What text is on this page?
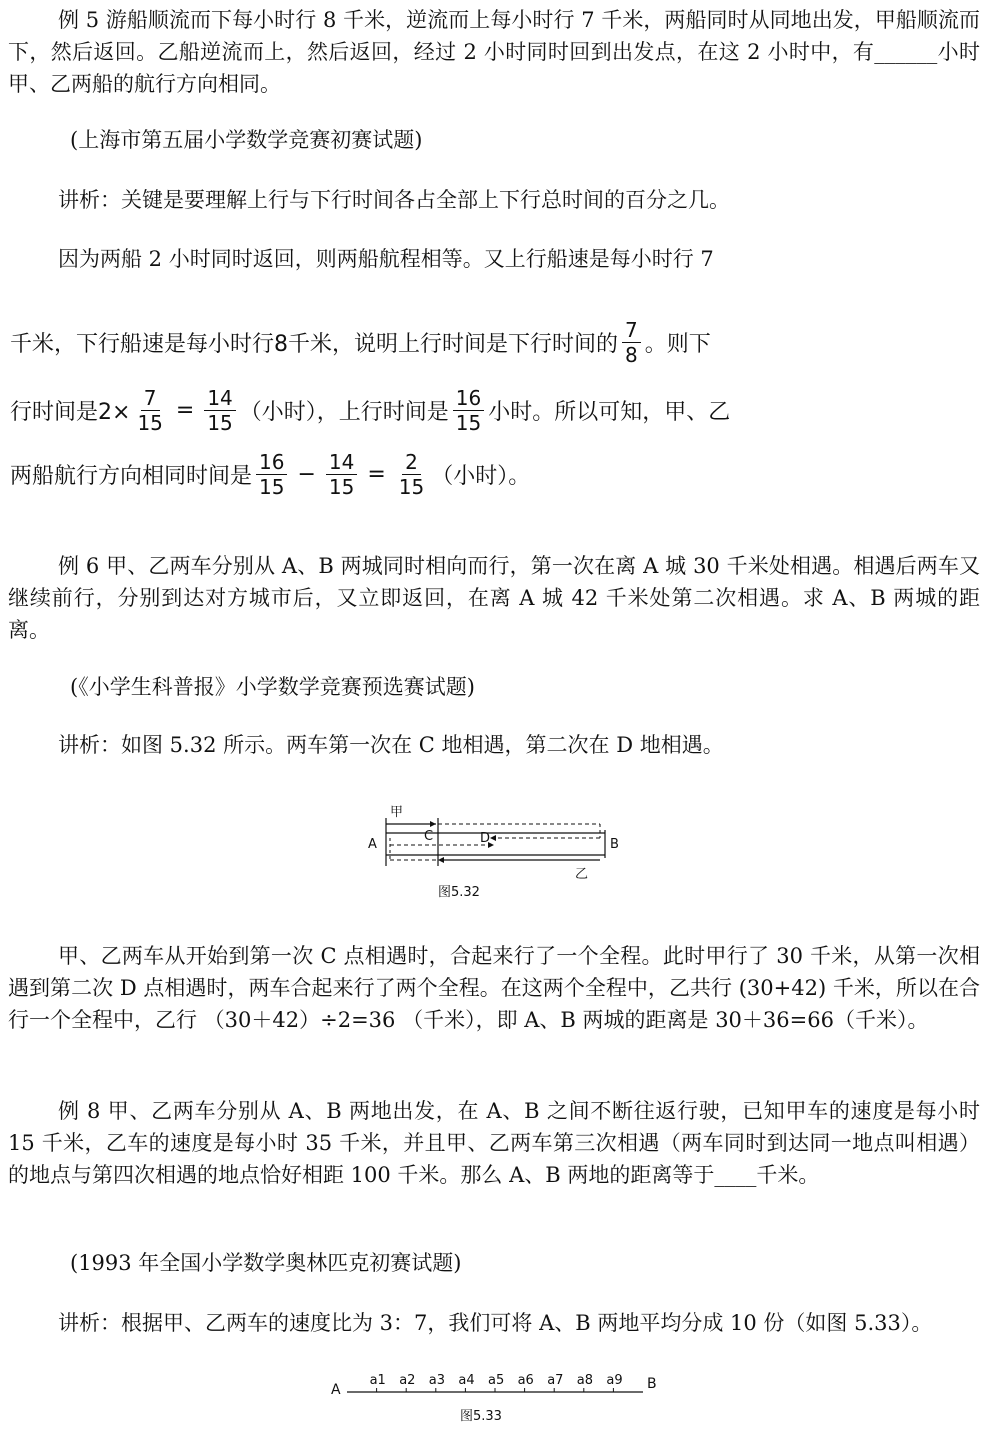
例 5 游船顺流而下每小时行 8 千米，逆流而上每小时行 7 千米，两船同时从同地出发，甲船顺流而下，然后返回。乙船逆流而上，然后返回，经过 2 小时同时回到出发点，在这 2 小时中，有______小时甲、乙两船的航行方向相同。

(上海市第五届小学数学竞赛初赛试题)

讲析：关键是要理解上行与下行时间各占全部上下行总时间的百分之几。

因为两船 2 小时同时返回，则两船航程相等。又上行船速是每小时行 7

千米，下行船速是每小时行8千米，说明上行时间是下行时间的 $\frac{7}{8}$ 。则下
行时间是$2\times \frac{7}{15} = \frac{14}{15}$ （小时），上行时间是 $\frac{16}{15}$ 小时。所以可知，甲、乙
两船航行方向相同时间是 $\frac{16}{15} - \frac{14}{15} = \frac{2}{15}$ （小时）。

例 6 甲、乙两车分别从 A、B 两城同时相向而行，第一次在离 A 城 30 千米处相遇。相遇后两车又继续前行，分别到达对方城市后，又立即返回，在离 A 城 42 千米处第二次相遇。求 A、B 两城的距离。

(《小学生科普报》小学数学竞赛预选赛试题)

讲析：如图 5.32 所示。两车第一次在 C 地相遇，第二次在 D 地相遇。

甲
A
C	D	B
乙
图5.32

甲、乙两车从开始到第一次 C 点相遇时，合起来行了一个全程。此时甲行了 30 千米，从第一次相遇到第二次 D 点相遇时，两车合起来行了两个全程。在这两个全程中，乙共行 (30+42) 千米，所以在合行一个全程中，乙行 （30＋42）÷2=36 （千米），即 A、B 两城的距离是 30＋36=66（千米）。

例 8 甲、乙两车分别从 A、B 两地出发，在 A、B 之间不断往返行驶，已知甲车的速度是每小时 15 千米，乙车的速度是每小时 35 千米，并且甲、乙两车第三次相遇（两车同时到达同一地点叫相遇）的地点与第四次相遇的地点恰好相距 100 千米。那么 A、B 两地的距离等于____千米。

(1993 年全国小学数学奥林匹克初赛试题)

讲析：根据甲、乙两车的速度比为 3：7，我们可将 A、B 两地平均分成 10 份（如图 5.33）。

A	B
a1 a2 a3 a4 a5 a6 a7 a8 a9
图5.33
